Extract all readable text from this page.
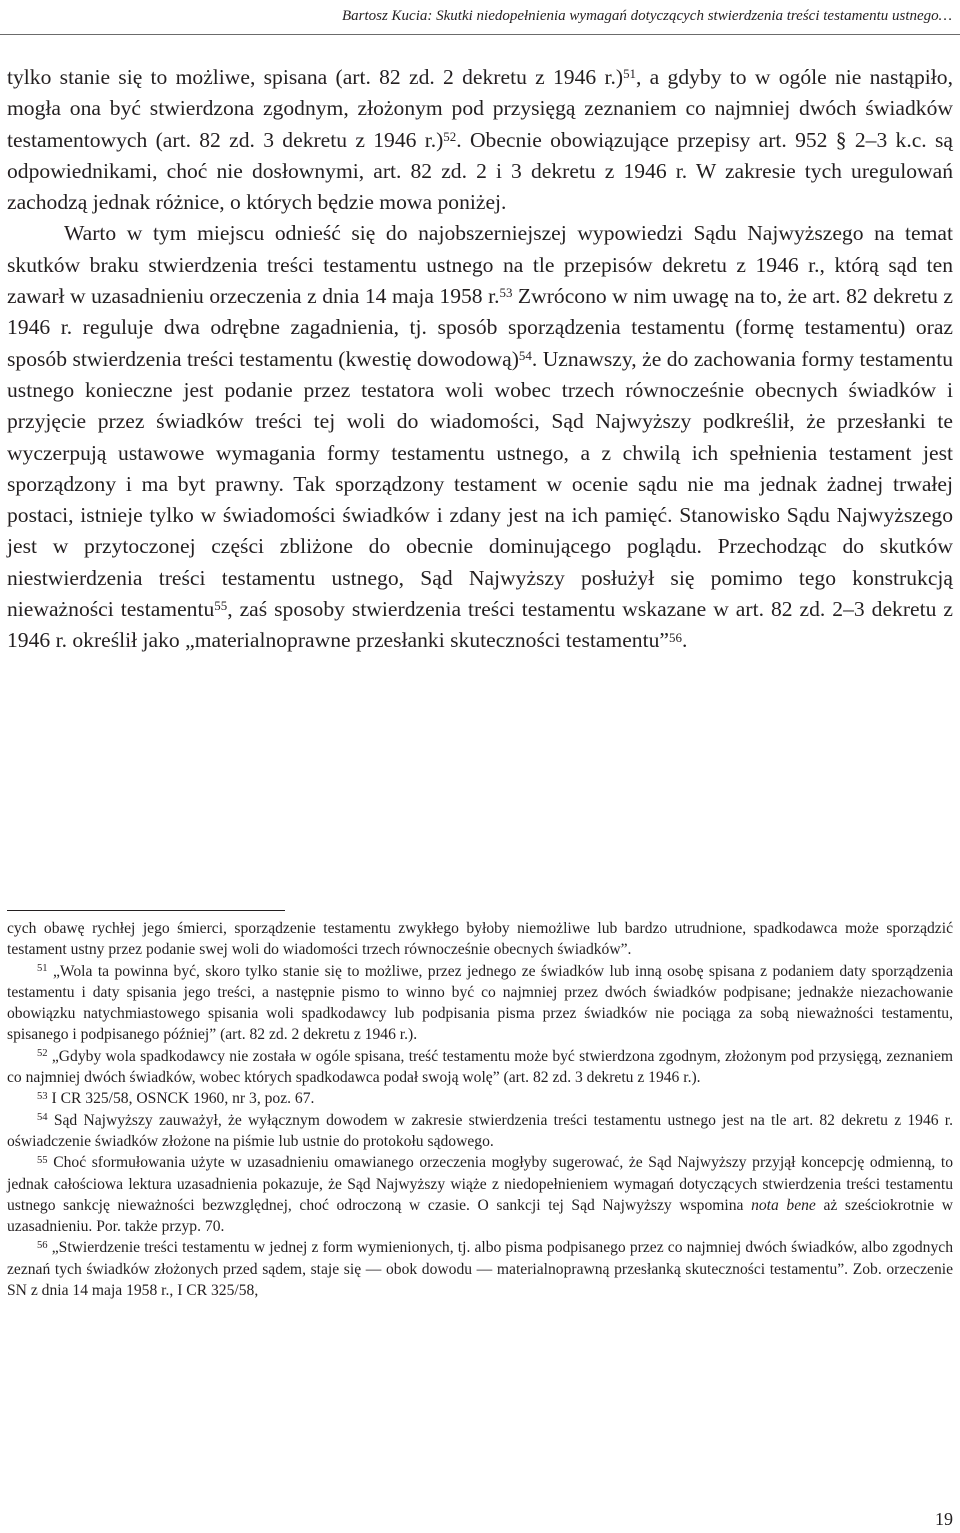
Bartosz Kucia: Skutki niedopełnienia wymagań dotyczących stwierdzenia treści testamentu ustnego…

tylko stanie się to możliwe, spisana (art. 82 zd. 2 dekretu z 1946 r.)$^{51}$, a gdyby to w ogóle nie nastąpiło, mogła ona być stwierdzona zgodnym, złożonym pod przysięgą zeznaniem co najmniej dwóch świadków testamentowych (art. 82 zd. 3 dekretu z 1946 r.)$^{52}$. Obecnie obowiązujące przepisy art. 952 § 2–3 k.c. są odpowiednikami, choć nie dosłownymi, art. 82 zd. 2 i 3 dekretu z 1946 r. W zakresie tych uregulowań zachodzą jednak różnice, o których będzie mowa poniżej.

Warto w tym miejscu odnieść się do najobszerniejszej wypowiedzi Sądu Najwyższego na temat skutków braku stwierdzenia treści testamentu ustnego na tle przepisów dekretu z 1946 r., którą sąd ten zawarł w uzasadnieniu orzeczenia z dnia 14 maja 1958 r.$^{53}$ Zwrócono w nim uwagę na to, że art. 82 dekretu z 1946 r. reguluje dwa odrębne zagadnienia, tj. sposób sporządzenia testamentu (formę testamentu) oraz sposób stwierdzenia treści testamentu (kwestię dowodową)$^{54}$. Uznawszy, że do zachowania formy testamentu ustnego konieczne jest podanie przez testatora woli wobec trzech równocześnie obecnych świadków i przyjęcie przez świadków treści tej woli do wiadomości, Sąd Najwyższy podkreślił, że przesłanki te wyczerpują ustawowe wymagania formy testamentu ustnego, a z chwilą ich spełnienia testament jest sporządzony i ma byt prawny. Tak sporządzony testament w ocenie sądu nie ma jednak żadnej trwałej postaci, istnieje tylko w świadomości świadków i zdany jest na ich pamięć. Stanowisko Sądu Najwyższego jest w przytoczonej części zbliżone do obecnie dominującego poglądu. Przechodząc do skutków niestwierdzenia treści testamentu ustnego, Sąd Najwyższy posłużył się pomimo tego konstrukcją nieważności testamentu$^{55}$, zaś sposoby stwierdzenia treści testamentu wskazane w art. 82 zd. 2–3 dekretu z 1946 r. określił jako „materialnoprawne przesłanki skuteczności testamentu”$^{56}$.

cych obawę rychłej jego śmierci, sporządzenie testamentu zwykłego byłoby niemożliwe lub bardzo utrudnione, spadkodawca może sporządzić testament ustny przez podanie swej woli do wiadomości trzech równocześnie obecnych świadków”.

$^{51}$ „Wola ta powinna być, skoro tylko stanie się to możliwe, przez jednego ze świadków lub inną osobę spisana z podaniem daty sporządzenia testamentu i daty spisania jego treści, a następnie pismo to winno być co najmniej przez dwóch świadków podpisane; jednakże niezachowanie obowiązku natychmiastowego spisania woli spadkodawcy lub podpisania pisma przez świadków nie pociąga za sobą nieważności testamentu, spisanego i podpisanego później” (art. 82 zd. 2 dekretu z 1946 r.).

$^{52}$ „Gdyby wola spadkodawcy nie została w ogóle spisana, treść testamentu może być stwierdzona zgodnym, złożonym pod przysięgą, zeznaniem co najmniej dwóch świadków, wobec których spadkodawca podał swoją wolę” (art. 82 zd. 3 dekretu z 1946 r.).

$^{53}$ I CR 325/58, OSNCK 1960, nr 3, poz. 67.

$^{54}$ Sąd Najwyższy zauważył, że wyłącznym dowodem w zakresie stwierdzenia treści testamentu ustnego jest na tle art. 82 dekretu z 1946 r. oświadczenie świadków złożone na piśmie lub ustnie do protokołu sądowego.

$^{55}$ Choć sformułowania użyte w uzasadnieniu omawianego orzeczenia mogłyby sugerować, że Sąd Najwyższy przyjął koncepcję odmienną, to jednak całościowa lektura uzasadnienia pokazuje, że Sąd Najwyższy wiąże z niedopełnieniem wymagań dotyczących stwierdzenia treści testamentu ustnego sankcję nieważności bezwzględnej, choć odroczoną w czasie. O sankcji tej Sąd Najwyższy wspomina nota bene aż sześciokrotnie w uzasadnieniu. Por. także przyp. 70.

$^{56}$ „Stwierdzenie treści testamentu w jednej z form wymienionych, tj. albo pisma podpisanego przez co najmniej dwóch świadków, albo zgodnych zeznań tych świadków złożonych przed sądem, staje się — obok dowodu — materialnoprawną przesłanką skuteczności testamentu”. Zob. orzeczenie SN z dnia 14 maja 1958 r., I CR 325/58,

19
